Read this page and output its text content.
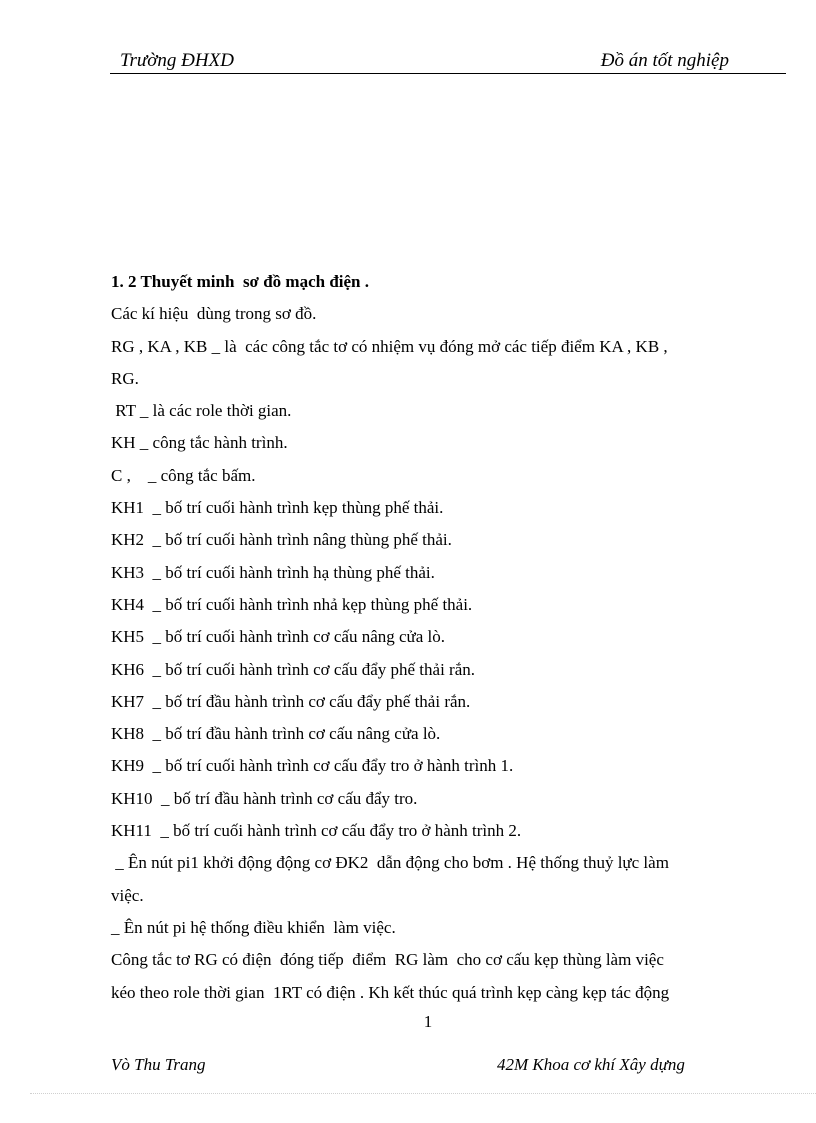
Trường ĐHXD	Đồ án tốt nghiệp

1. 2 Thuyết minh  sơ đồ mạch điện .

Các kí hiệu  dùng trong sơ đồ.

RG , KA , KB _ là  các công tắc tơ có nhiệm vụ đóng mở các tiếp điểm KA , KB ,

RG.

RT _ là các role thời gian.

KH _ công tắc hành trình.

C ,    _ công tắc bấm.

KH1  _ bố trí cuối hành trình kẹp thùng phế thải.

KH2  _ bố trí cuối hành trình nâng thùng phế thải.

KH3  _ bố trí cuối hành trình hạ thùng phế thải.

KH4  _ bố trí cuối hành trình nhả kẹp thùng phế thải.

KH5  _ bố trí cuối hành trình cơ cấu nâng cửa lò.

KH6  _ bố trí cuối hành trình cơ cấu đẩy phế thải rắn.

KH7  _ bố trí đầu hành trình cơ cấu đẩy phế thải rắn.

KH8  _ bố trí đầu hành trình cơ cấu nâng cửa lò.

KH9  _ bố trí cuối hành trình cơ cấu đẩy tro ở hành trình 1.

KH10  _ bố trí đầu hành trình cơ cấu đẩy tro.

KH11  _ bố trí cuối hành trình cơ cấu đẩy tro ở hành trình 2.

_ Ên nút pi1 khởi động động cơ ĐK2  dẫn động cho bơm . Hệ thống thuỷ lực làm

việc.

_ Ên nút pi hệ thống điều khiển  làm việc.

Công tắc tơ RG có điện  đóng tiếp  điểm  RG làm  cho cơ cấu kẹp thùng làm việc

kéo theo role thời gian  1RT có điện . Kh kết thúc quá trình kẹp càng kẹp tác động

1
Vò Thu Trang	42M Khoa cơ khí Xây dựng
